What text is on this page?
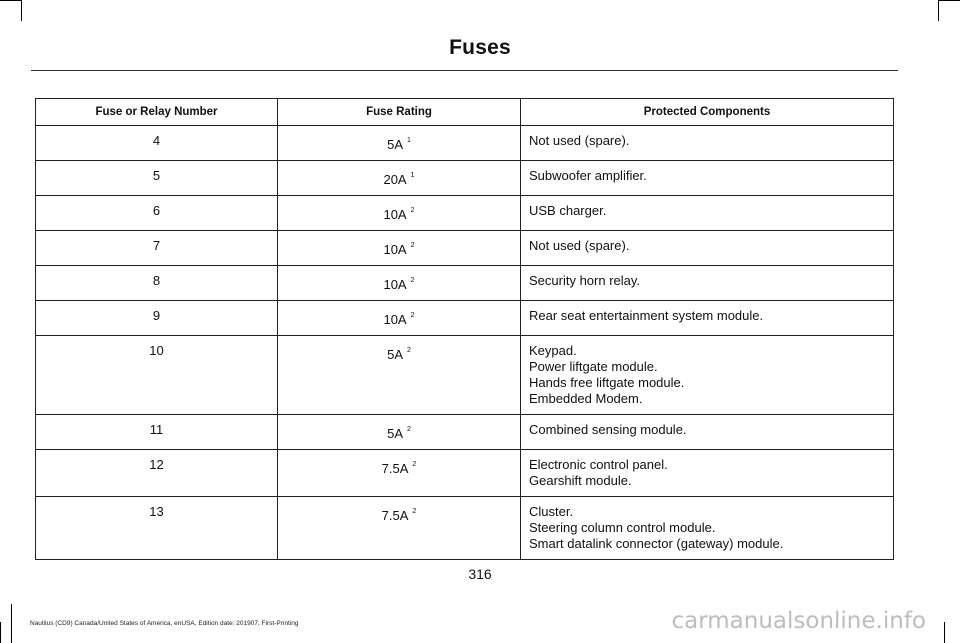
Fuses
Fuse or Relay Number	Fuse Rating	Protected Components
4	5A $^1$	Not used (spare).

5	20A $^1$	Subwoofer amplifier.

6	10A $^2$	USB charger.

7	10A $^2$	Not used (spare).

8	10A $^2$	Security horn relay.

9	10A $^2$	Rear seat entertainment system module.

10	5A $^2$	Keypad.
Power liftgate module.
Hands free liftgate module.
Embedded Modem.

11	5A $^2$	Combined sensing module.

12	7.5A $^2$	Electronic control panel.
Gearshift module.

13	7.5A $^2$	Cluster.
Steering column control module.
Smart datalink connector (gateway) module.
316
Nautilus (CD9) Canada/United States of America, enUSA, Edition date: 201907, First-Printing	carmanualsonline.info
